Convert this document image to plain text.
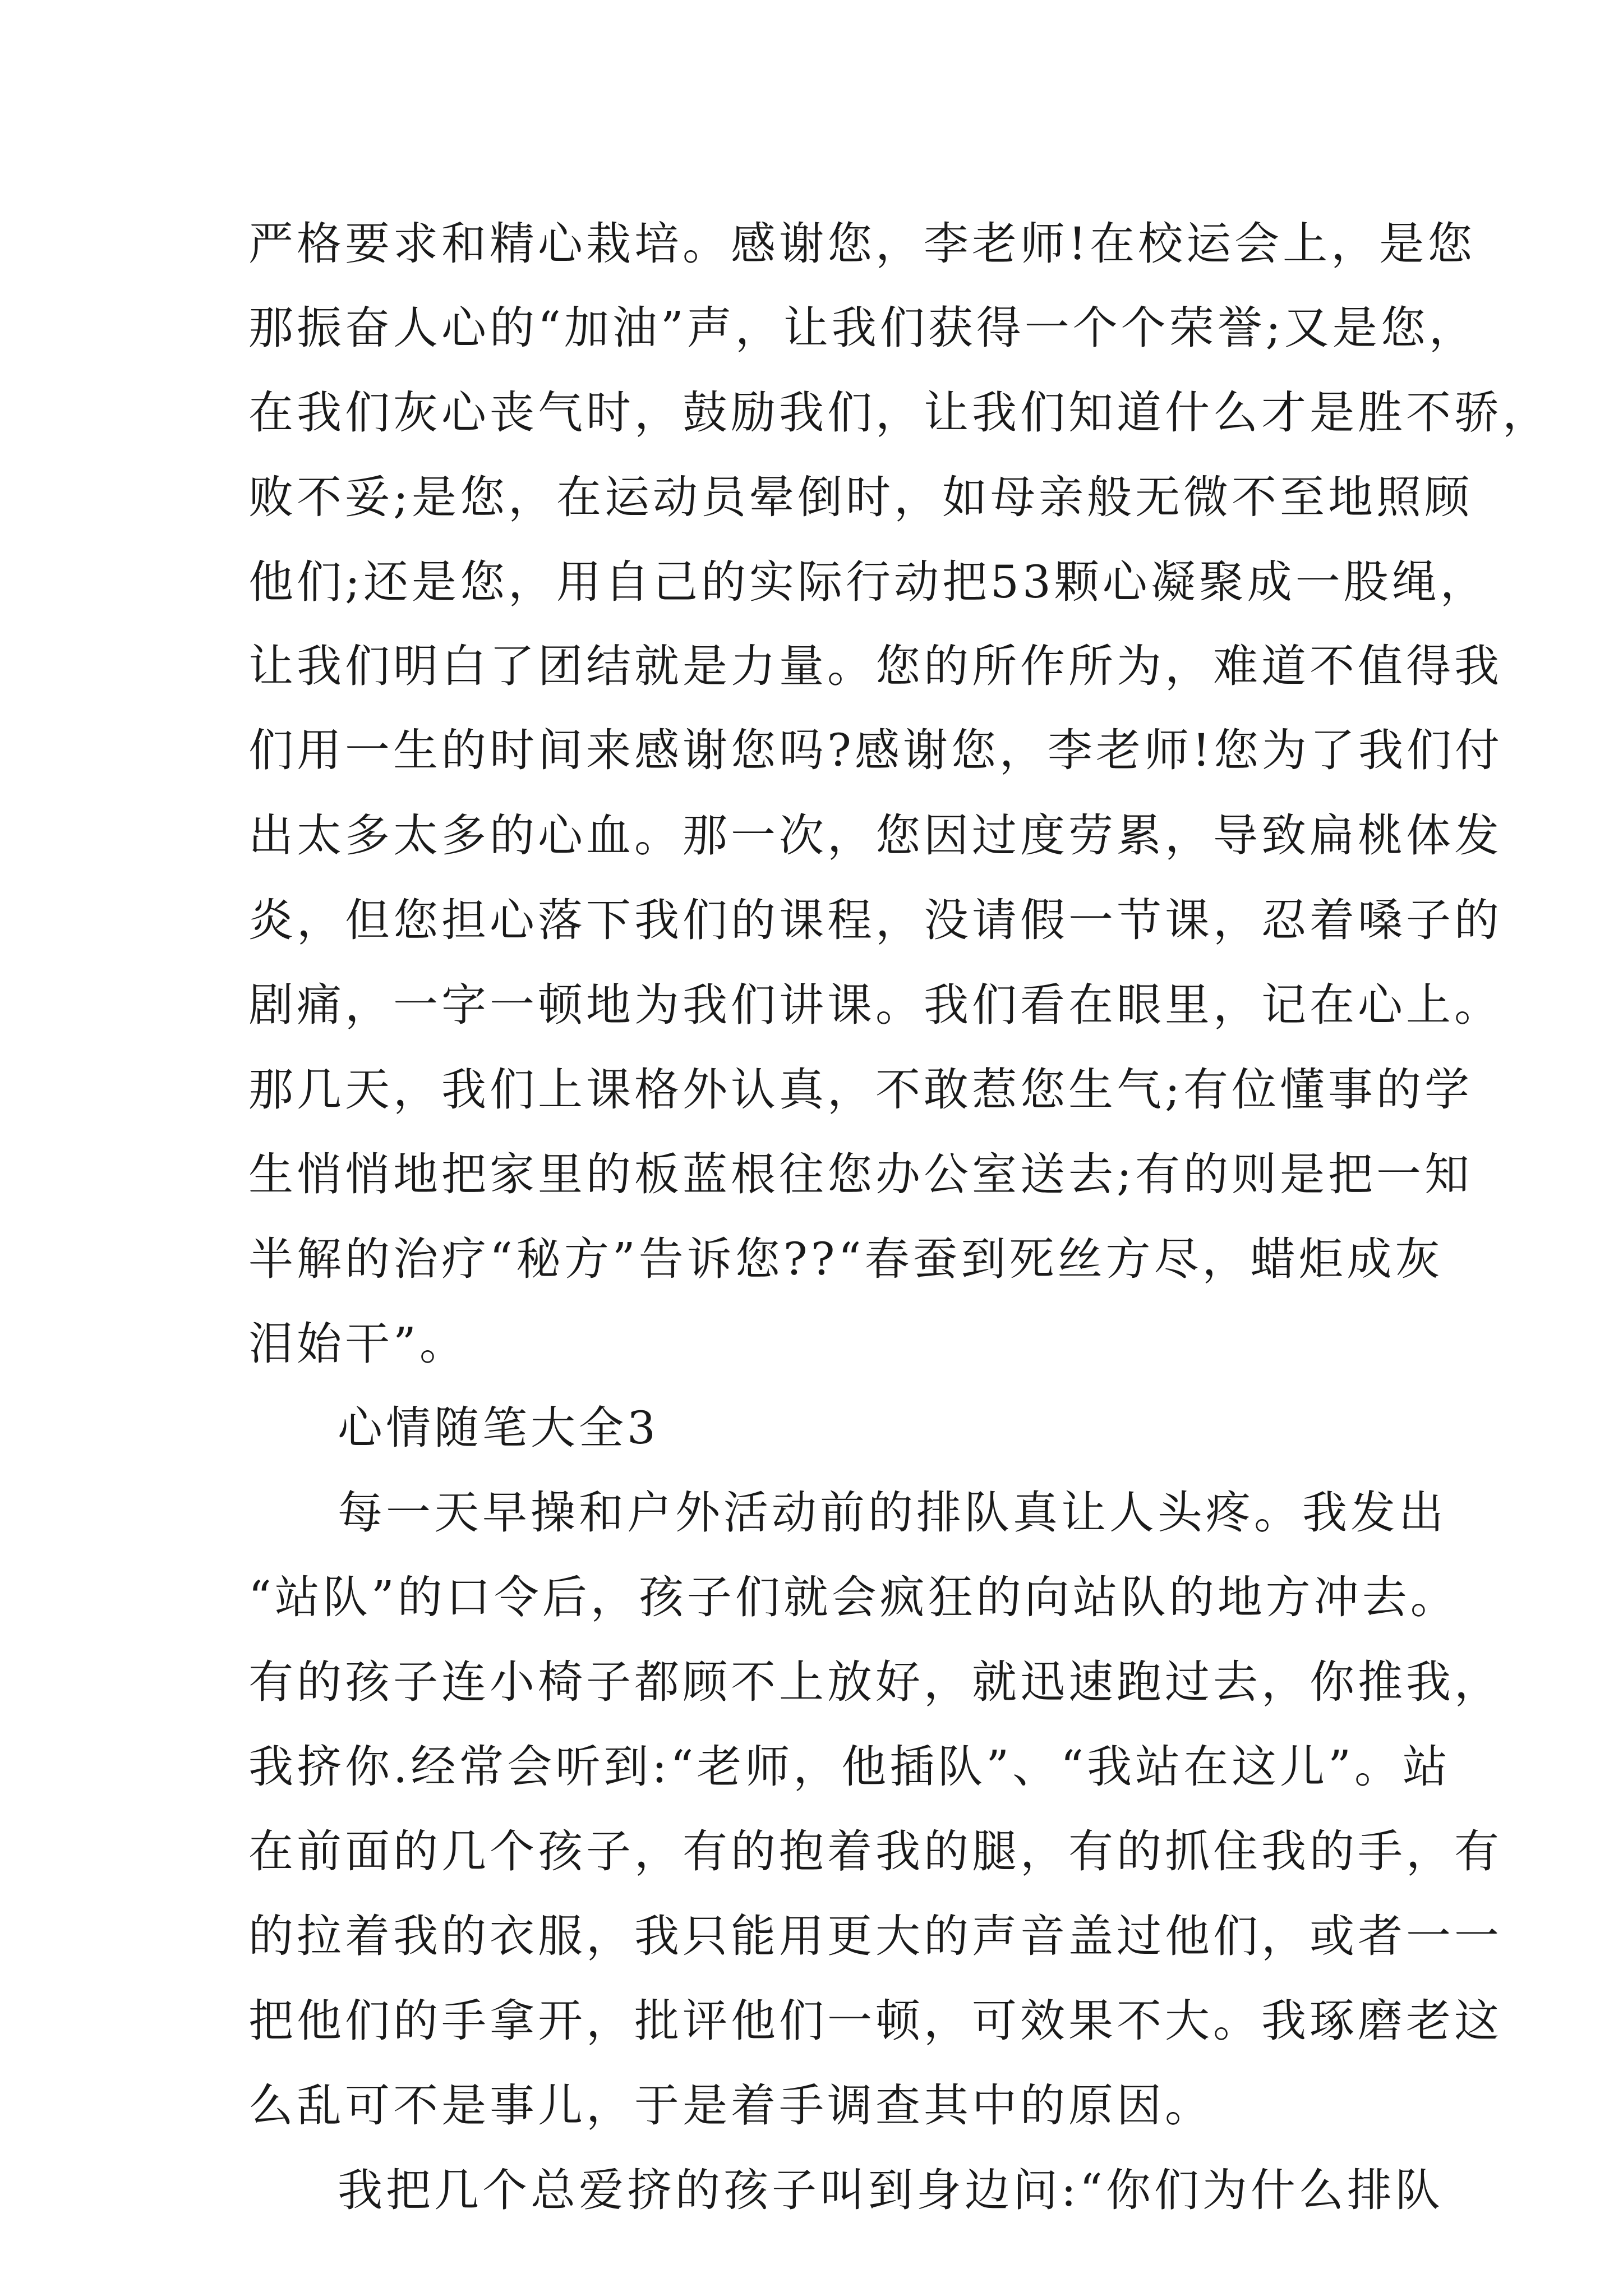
严格要求和精心栽培。感谢您，李老师!在校运会上，是您
那振奋人心的“加油”声，让我们获得一个个荣誉;又是您，
在我们灰心丧气时，鼓励我们，让我们知道什么才是胜不骄，
败不妥;是您，在运动员晕倒时，如母亲般无微不至地照顾
他们;还是您，用自己的实际行动把53颗心凝聚成一股绳，
让我们明白了团结就是力量。您的所作所为，难道不值得我
们用一生的时间来感谢您吗?感谢您，李老师!您为了我们付
出太多太多的心血。那一次，您因过度劳累，导致扁桃体发
炎，但您担心落下我们的课程，没请假一节课，忍着嗓子的
剧痛，一字一顿地为我们讲课。我们看在眼里，记在心上。
那几天，我们上课格外认真，不敢惹您生气;有位懂事的学
生悄悄地把家里的板蓝根往您办公室送去;有的则是把一知
半解的治疗“秘方”告诉您??“春蚕到死丝方尽，蜡炬成灰
泪始干”。
心情随笔大全3
每一天早操和户外活动前的排队真让人头疼。我发出
“站队”的口令后，孩子们就会疯狂的向站队的地方冲去。
有的孩子连小椅子都顾不上放好，就迅速跑过去，你推我，
我挤你.经常会听到:“老师，他插队”、“我站在这儿”。站
在前面的几个孩子，有的抱着我的腿，有的抓住我的手，有
的拉着我的衣服，我只能用更大的声音盖过他们，或者一一
把他们的手拿开，批评他们一顿，可效果不大。我琢磨老这
么乱可不是事儿，于是着手调查其中的原因。
我把几个总爱挤的孩子叫到身边问:“你们为什么排队
